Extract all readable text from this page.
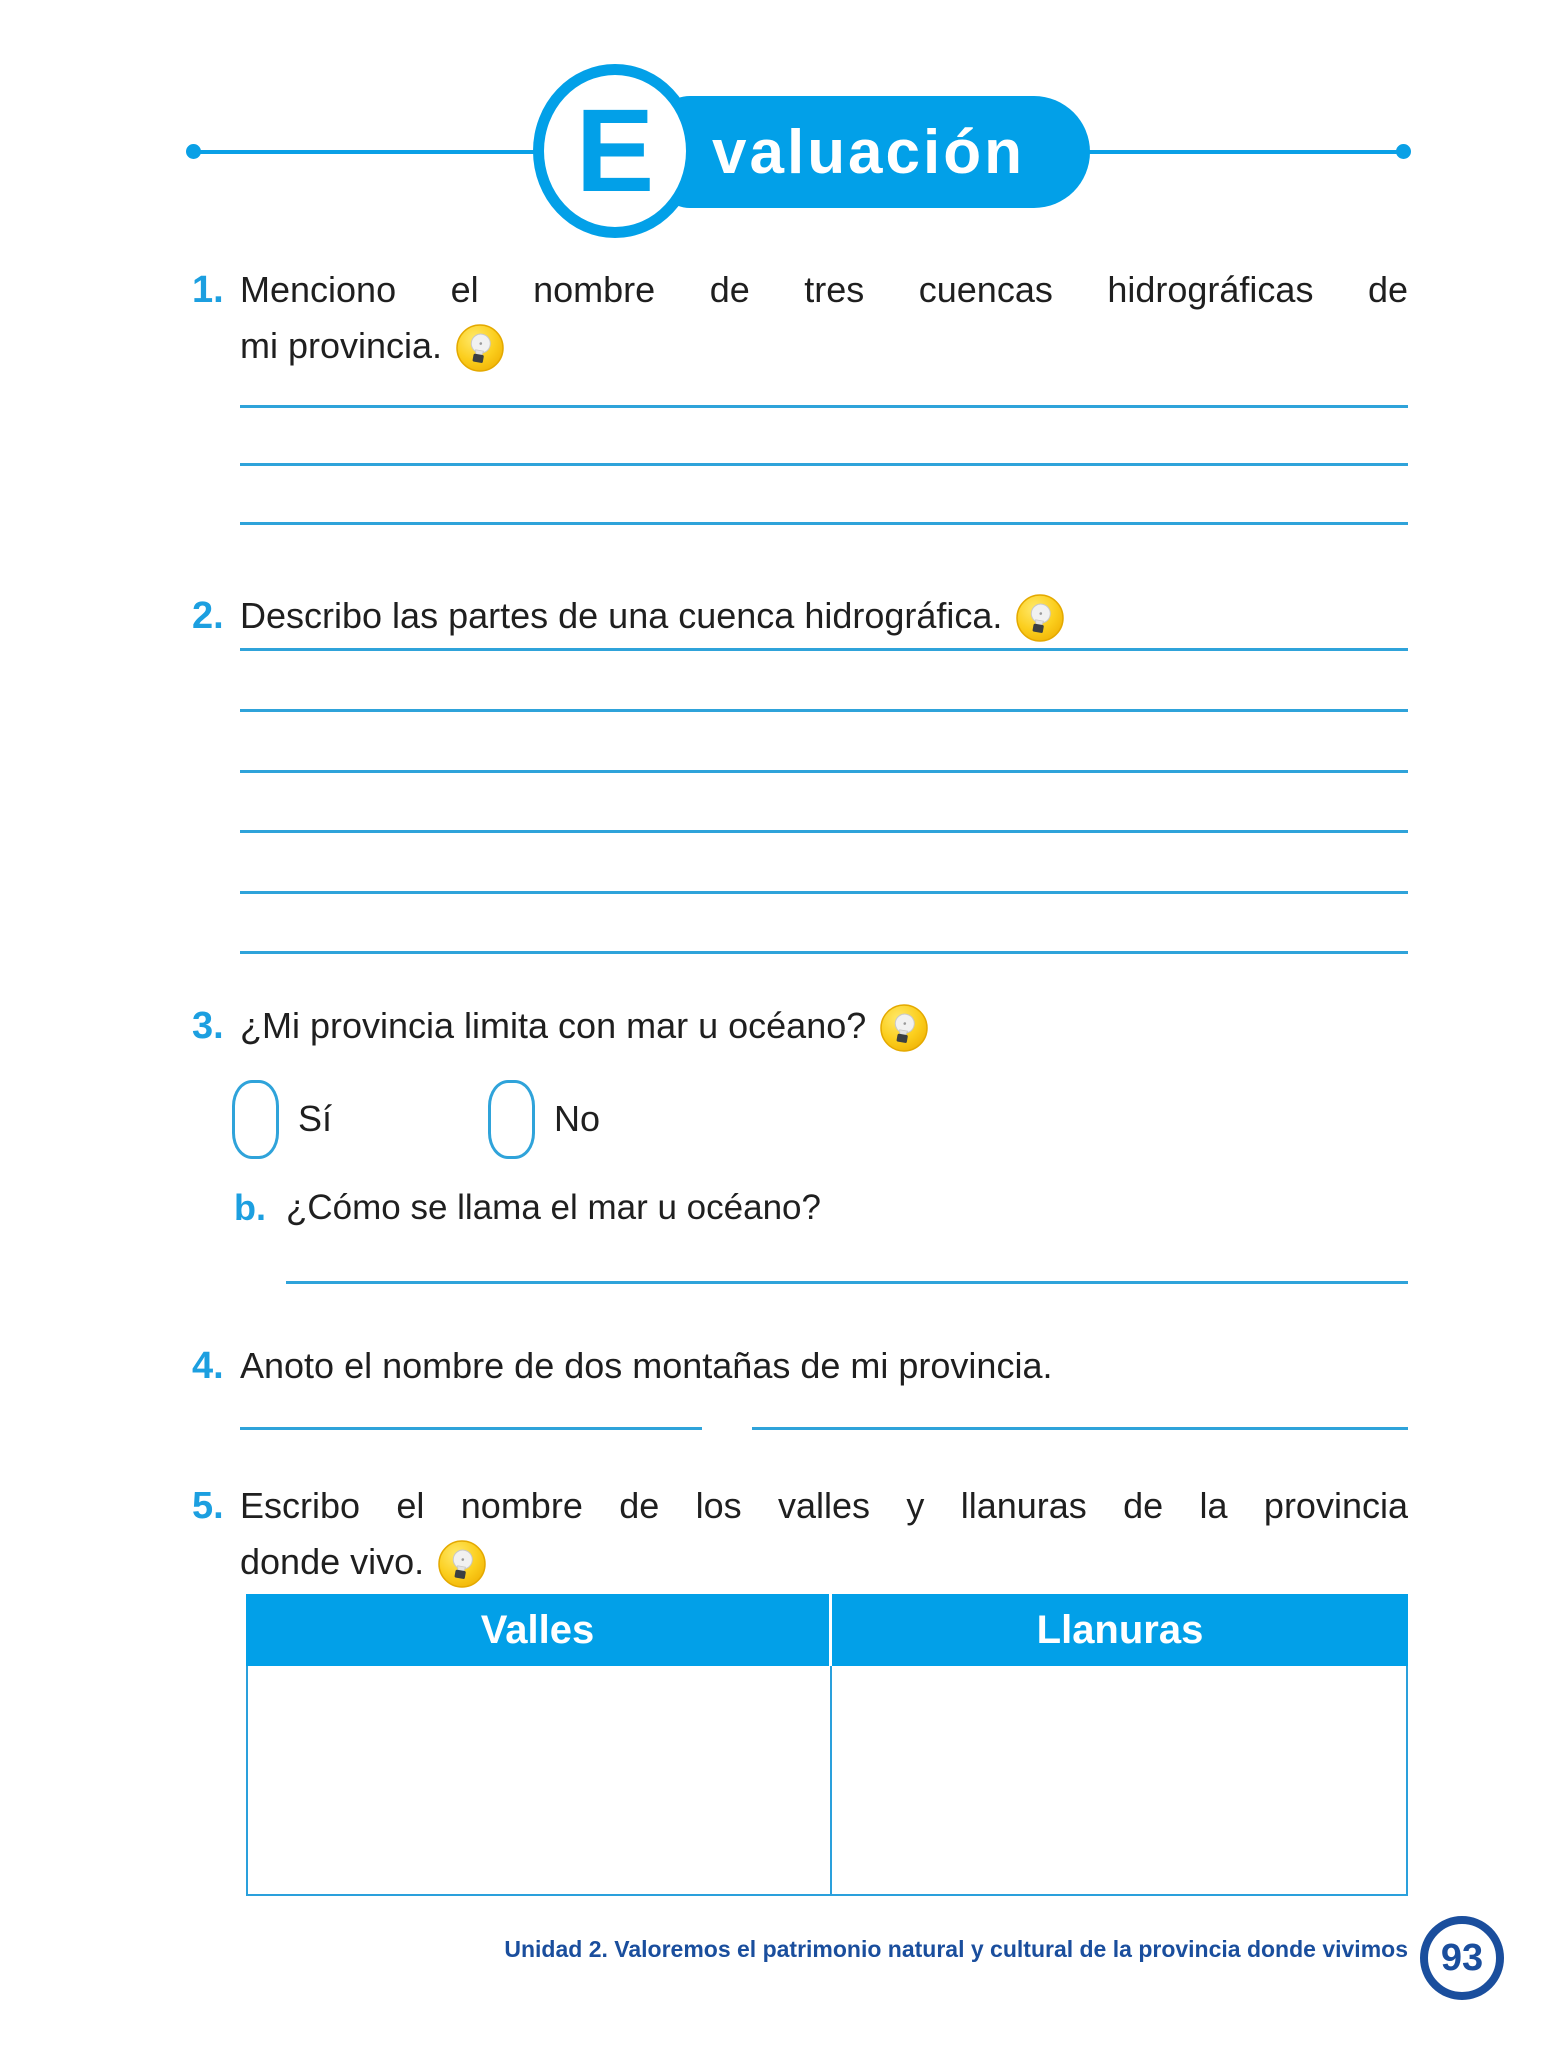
valuación
E
1. Menciono el nombre de tres cuencas hidrográficas de
mi provincia.
2. Describo las partes de una cuenca hidrográfica.
3. ¿Mi provincia limita con mar u océano?
Sí	No
b. ¿Cómo se llama el mar u océano?
4. Anoto el nombre de dos montañas de mi provincia.
5. Escribo el nombre de los valles y llanuras de la provincia
donde vivo.
Valles	Llanuras
Unidad 2. Valoremos el patrimonio natural y cultural de la provincia donde vivimos 93
